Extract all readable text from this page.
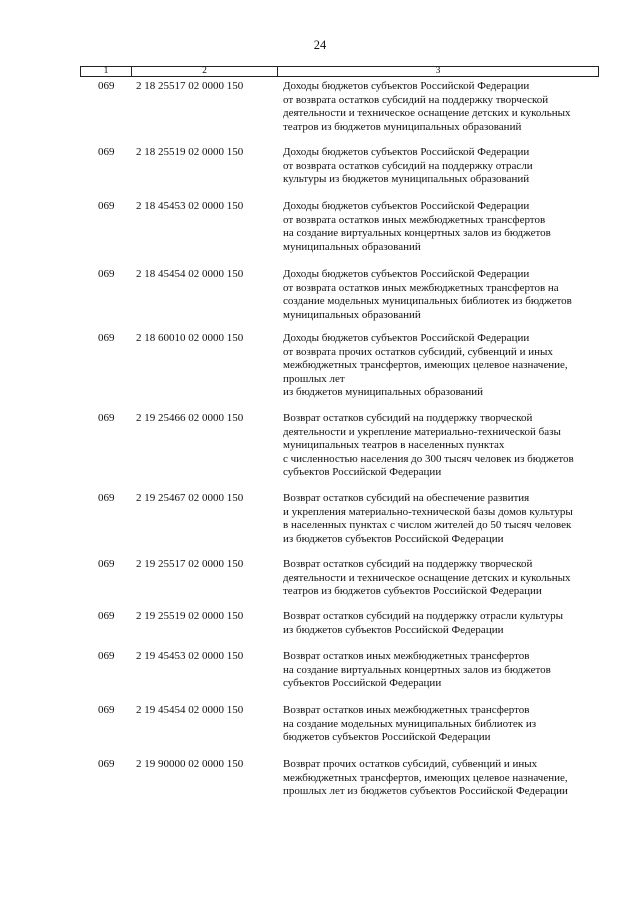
24
1	2	3
069 2 18 25517 02 0000 150	Доходы бюджетов субъектов Российской Федерации
от возврата остатков субсидий на поддержку творческой
деятельности и техническое оснащение детских и кукольных
театров из бюджетов муниципальных образований
069 2 18 25519 02 0000 150	Доходы бюджетов субъектов Российской Федерации
от возврата остатков субсидий на поддержку отрасли
культуры из бюджетов муниципальных образований
069 2 18 45453 02 0000 150	Доходы бюджетов субъектов Российской Федерации
от возврата остатков иных межбюджетных трансфертов
на создание виртуальных концертных залов из бюджетов
муниципальных образований
069 2 18 45454 02 0000 150	Доходы бюджетов субъектов Российской Федерации
от возврата остатков иных межбюджетных трансфертов на
создание модельных муниципальных библиотек из бюджетов
муниципальных образований
069 2 18 60010 02 0000 150	Доходы бюджетов субъектов Российской Федерации
от возврата прочих остатков субсидий, субвенций и иных
межбюджетных трансфертов, имеющих целевое назначение,
прошлых лет
из бюджетов муниципальных образований
069 2 19 25466 02 0000 150	Возврат остатков субсидий на поддержку творческой
деятельности и укрепление материально-технической базы
муниципальных театров в населенных пунктах
с численностью населения до 300 тысяч человек из бюджетов
субъектов Российской Федерации
069 2 19 25467 02 0000 150	Возврат остатков субсидий на обеспечение развития
и укрепления материально-технической базы домов культуры
в населенных пунктах с числом жителей до 50 тысяч человек
из бюджетов субъектов Российской Федерации
069 2 19 25517 02 0000 150	Возврат остатков субсидий на поддержку творческой
деятельности и техническое оснащение детских и кукольных
театров из бюджетов субъектов Российской Федерации
069 2 19 25519 02 0000 150	Возврат остатков субсидий на поддержку отрасли культуры
из бюджетов субъектов Российской Федерации
069 2 19 45453 02 0000 150	Возврат остатков иных межбюджетных трансфертов
на создание виртуальных концертных залов из бюджетов
субъектов Российской Федерации
069 2 19 45454 02 0000 150	Возврат остатков иных межбюджетных трансфертов
на создание модельных муниципальных библиотек из
бюджетов субъектов Российской Федерации
069 2 19 90000 02 0000 150	Возврат прочих остатков субсидий, субвенций и иных
межбюджетных трансфертов, имеющих целевое назначение,
прошлых лет из бюджетов субъектов Российской Федерации
